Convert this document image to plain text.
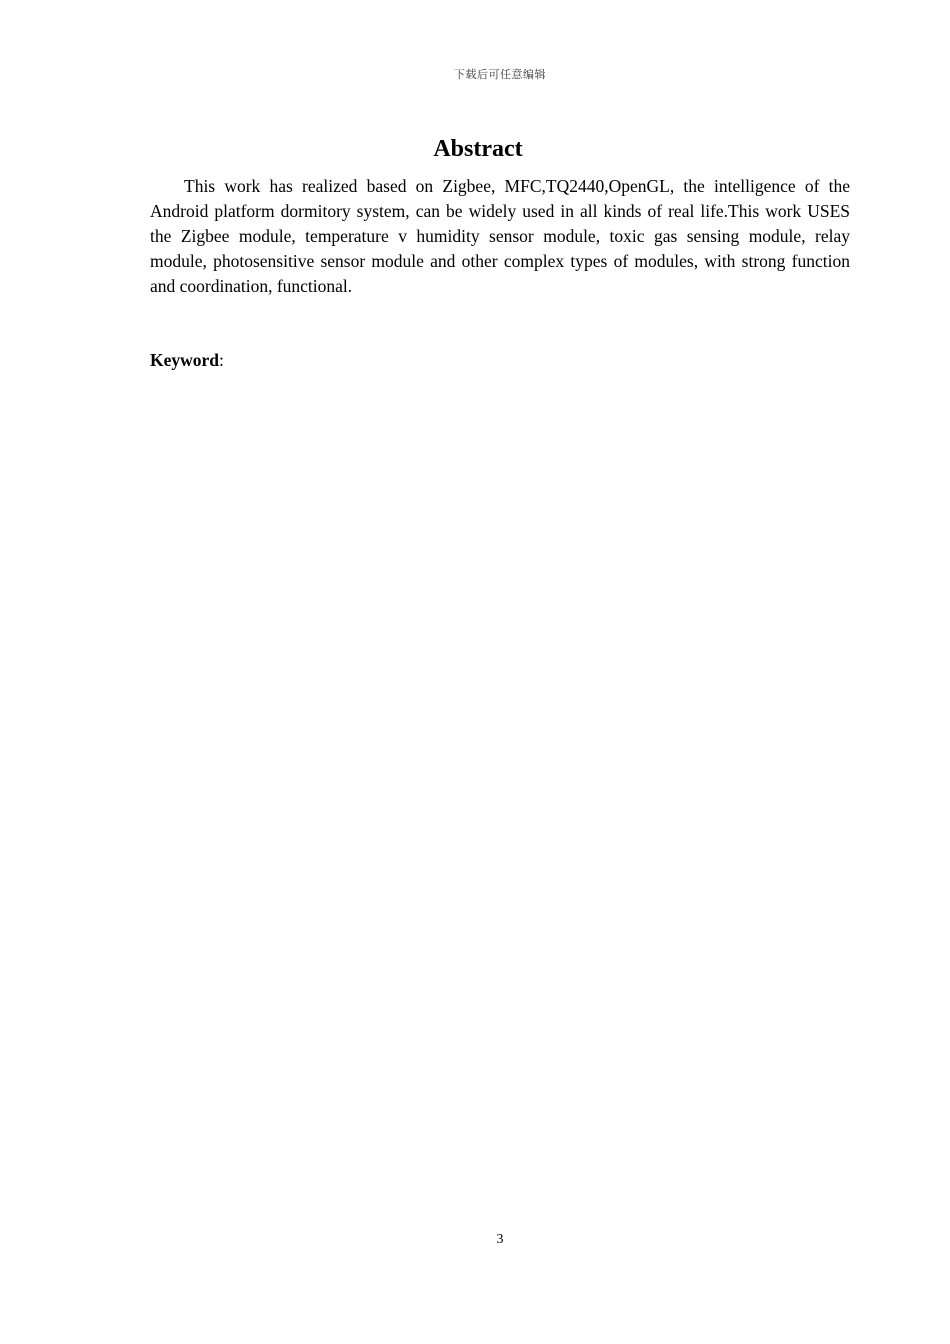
下载后可任意编辑
Abstract

This work has realized based on Zigbee, MFC,TQ2440,OpenGL, the intelligence of the Android platform dormitory system, can be widely used in all kinds of real life.This work USES the Zigbee module, temperature v humidity sensor module, toxic gas sensing module, relay module, photosensitive sensor module and other complex types of modules, with strong function and coordination, functional.

Keyword:
3
